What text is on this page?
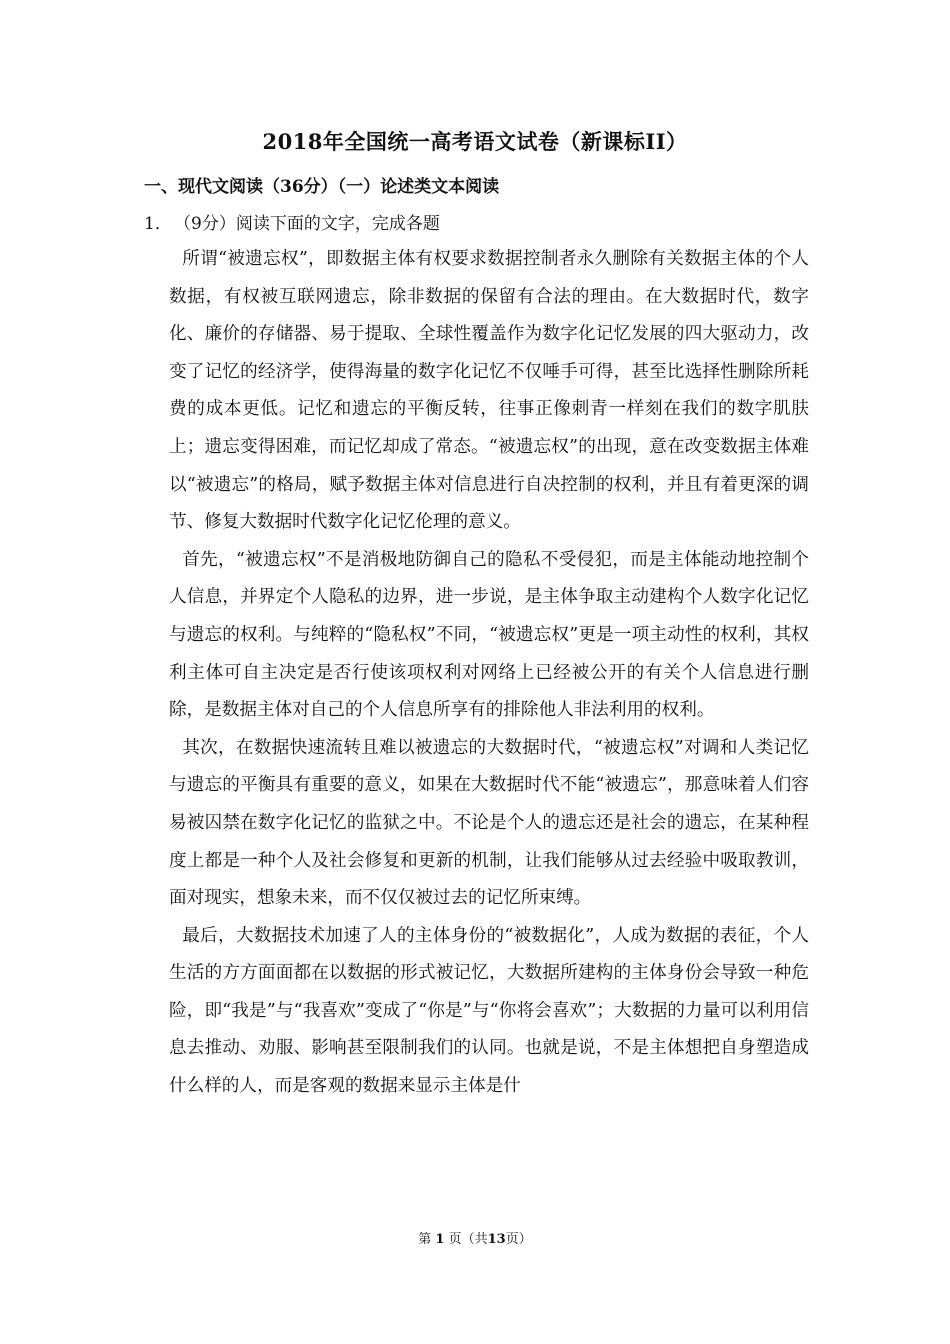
2018年全国统一高考语文试卷（新课标II）
一、现代文阅读（36分）（一）论述类文本阅读
1． （9分）阅读下面的文字，完成各题

所谓“被遗忘权”，即数据主体有权要求数据控制者永久删除有关数据主体的个人数据，有权被互联网遗忘，除非数据的保留有合法的理由。在大数据时代，数字化、廉价的存储器、易于提取、全球性覆盖作为数字化记忆发展的四大驱动力，改变了记忆的经济学，使得海量的数字化记忆不仅唾手可得，甚至比选择性删除所耗费的成本更低。记忆和遗忘的平衡反转，往事正像刺青一样刻在我们的数字肌肤上；遗忘变得困难，而记忆却成了常态。“被遗忘权”的出现，意在改变数据主体难以“被遗忘”的格局，赋予数据主体对信息进行自决控制的权利，并且有着更深的调节、修复大数据时代数字化记忆伦理的意义。

首先，“被遗忘权”不是消极地防御自己的隐私不受侵犯，而是主体能动地控制个人信息，并界定个人隐私的边界，进一步说，是主体争取主动建构个人数字化记忆与遗忘的权利。与纯粹的“隐私权”不同，“被遗忘权”更是一项主动性的权利，其权利主体可自主决定是否行使该项权利对网络上已经被公开的有关个人信息进行删除，是数据主体对自己的个人信息所享有的排除他人非法利用的权利。

其次，在数据快速流转且难以被遗忘的大数据时代，“被遗忘权”对调和人类记忆与遗忘的平衡具有重要的意义，如果在大数据时代不能“被遗忘”，那意味着人们容易被囚禁在数字化记忆的监狱之中。不论是个人的遗忘还是社会的遗忘，在某种程度上都是一种个人及社会修复和更新的机制，让我们能够从过去经验中吸取教训，面对现实，想象未来，而不仅仅被过去的记忆所束缚。

最后，大数据技术加速了人的主体身份的“被数据化”，人成为数据的表征，个人生活的方方面面都在以数据的形式被记忆，大数据所建构的主体身份会导致一种危险，即“我是”与“我喜欢”变成了“你是”与“你将会喜欢”；大数据的力量可以利用信息去推动、劝服、影响甚至限制我们的认同。也就是说，不是主体想把自身塑造成什么样的人，而是客观的数据来显示主体是什

第 1 页（共13页）
